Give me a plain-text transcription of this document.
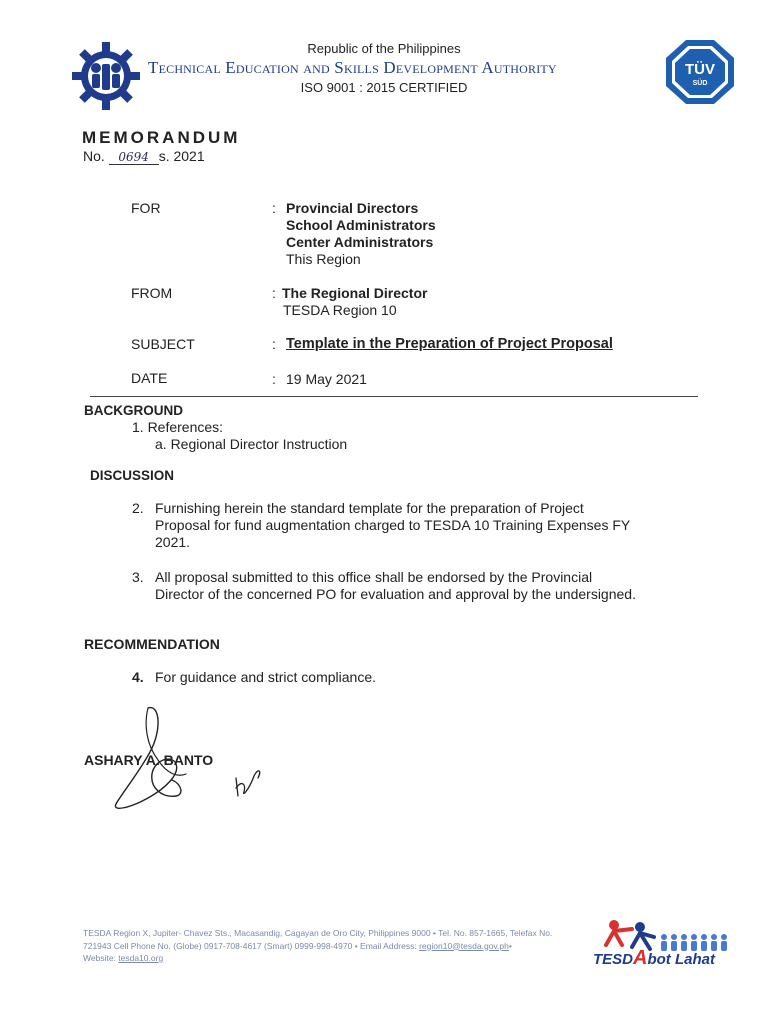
Republic of the Philippines
Technical Education and Skills Development Authority
ISO 9001 : 2015 CERTIFIED
TÜV
SÜD
MEMORANDUM
No. 0694 s. 2021
FOR	: Provincial Directors
School Administrators
Center Administrators
This Region
FROM	: The Regional Director
TESDA Region 10
SUBJECT	: Template in the Preparation of Project Proposal
DATE	: 19 May 2021
BACKGROUND
1. References:
a. Regional Director Instruction
DISCUSSION
2. Furnishing herein the standard template for the preparation of Project
Proposal for fund augmentation charged to TESDA 10 Training Expenses FY
2021.
3. All proposal submitted to this office shall be endorsed by the Provincial
Director of the concerned PO for evaluation and approval by the undersigned.
RECOMMENDATION
4. For guidance and strict compliance.
ASHARY A. BANTO
TESDA Region X, Jupiter- Chavez Sts., Macasandig, Cagayan de Oro City, Philippines 9000 • Tel. No. 857-1665, Telefax No.
721943 Cell Phone No. (Globe) 0917-708-4617 (Smart) 0999-998-4970 • Email Address: region10@tesda.gov.ph•
Website: tesda10.org	TESDAbot Lahat
